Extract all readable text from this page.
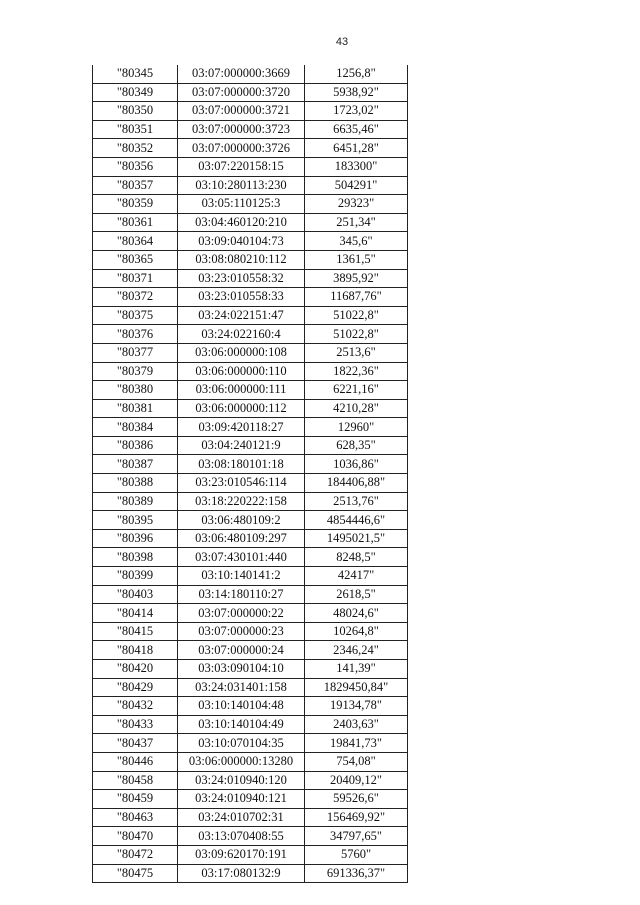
43
"80345	03:07:000000:3669	1256,8"
"80349	03:07:000000:3720	5938,92"
"80350	03:07:000000:3721	1723,02"
"80351	03:07:000000:3723	6635,46"
"80352	03:07:000000:3726	6451,28"
"80356	03:07:220158:15	183300"
"80357	03:10:280113:230	504291"
"80359	03:05:110125:3	29323"
"80361	03:04:460120:210	251,34"
"80364	03:09:040104:73	345,6"
"80365	03:08:080210:112	1361,5"
"80371	03:23:010558:32	3895,92"
"80372	03:23:010558:33	11687,76"
"80375	03:24:022151:47	51022,8"
"80376	03:24:022160:4	51022,8"
"80377	03:06:000000:108	2513,6"
"80379	03:06:000000:110	1822,36"
"80380	03:06:000000:111	6221,16"
"80381	03:06:000000:112	4210,28"
"80384	03:09:420118:27	12960"
"80386	03:04:240121:9	628,35"
"80387	03:08:180101:18	1036,86"
"80388	03:23:010546:114	184406,88"
"80389	03:18:220222:158	2513,76"
"80395	03:06:480109:2	4854446,6"
"80396	03:06:480109:297	1495021,5"
"80398	03:07:430101:440	8248,5"
"80399	03:10:140141:2	42417"
"80403	03:14:180110:27	2618,5"
"80414	03:07:000000:22	48024,6"
"80415	03:07:000000:23	10264,8"
"80418	03:07:000000:24	2346,24"
"80420	03:03:090104:10	141,39"
"80429	03:24:031401:158	1829450,84"
"80432	03:10:140104:48	19134,78"
"80433	03:10:140104:49	2403,63"
"80437	03:10:070104:35	19841,73"
"80446	03:06:000000:13280	754,08"
"80458	03:24:010940:120	20409,12"
"80459	03:24:010940:121	59526,6"
"80463	03:24:010702:31	156469,92"
"80470	03:13:070408:55	34797,65"
"80472	03:09:620170:191	5760"
"80475	03:17:080132:9	691336,37"
